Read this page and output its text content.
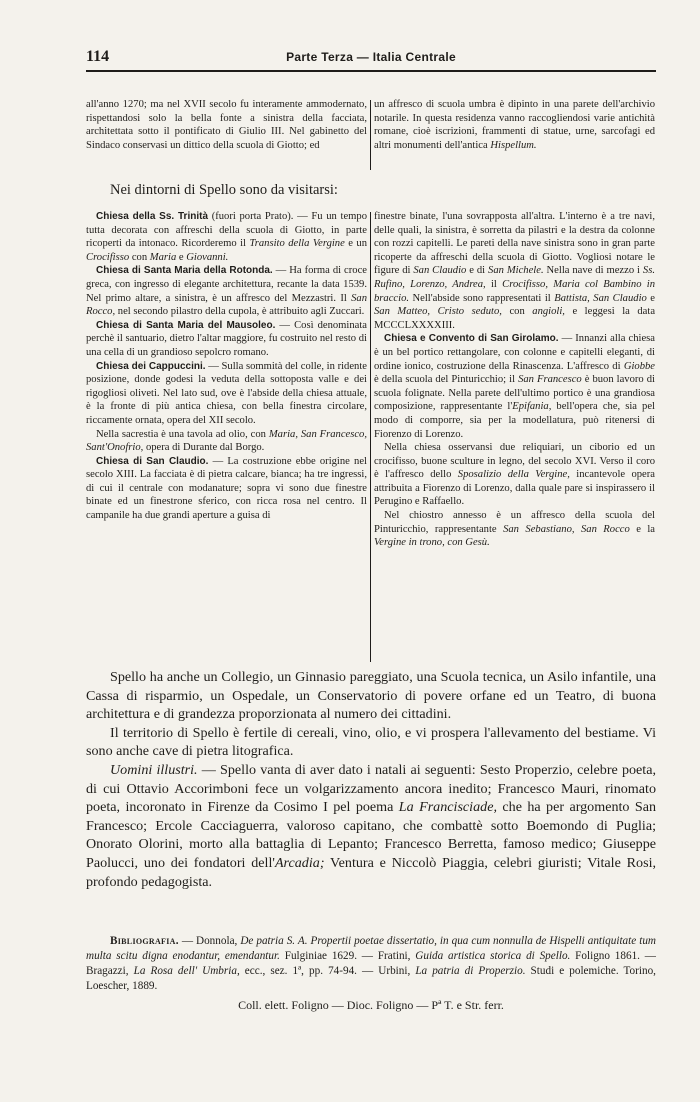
114	Parte Terza — Italia Centrale

all'anno 1270; ma nel XVII secolo fu interamente ammodernato, rispettandosi solo la bella fonte a sinistra della facciata, architettata sotto il pontificato di Giulio III. Nel gabinetto del Sindaco conservasi un dittico della scuola di Giotto; ed

un affresco di scuola umbra è dipinto in una parete dell'archivio notarile. In questa residenza vanno raccogliendosi varie antichità romane, cioè iscrizioni, frammenti di statue, urne, sarcofagi ed altri monumenti dell'antica Hispellum.

Nei dintorni di Spello sono da visitarsi:

Chiesa della Ss. Trinità (fuori porta Prato). — Fu un tempo tutta decorata con affreschi della scuola di Giotto, in parte ricoperti da intonaco. Ricorderemo il Transito della Vergine e un Crocifisso con Maria e Giovanni.

Chiesa di Santa Maria della Rotonda. — Ha forma di croce greca, con ingresso di elegante architettura, recante la data 1539. Nel primo altare, a sinistra, è un affresco del Mezzastri. Il San Rocco, nel secondo pilastro della cupola, è attribuito agli Zuccari.

Chiesa di Santa Maria del Mausoleo. — Così denominata perchè il santuario, dietro l'altar maggiore, fu costruito nel resto di una cella di un grandioso sepolcro romano.

Chiesa dei Cappuccini. — Sulla sommità del colle, in ridente posizione, donde godesi la veduta della sottoposta valle e dei rigogliosi oliveti. Nel lato sud, ove è l'abside della chiesa attuale, è la fronte di più antica chiesa, con bella finestra circolare, riccamente ornata, opera del XII secolo.

Nella sacrestia è una tavola ad olio, con Maria, San Francesco, Sant'Onofrio, opera di Durante dal Borgo.

Chiesa di San Claudio. — La costruzione ebbe origine nel secolo XIII. La facciata è di pietra calcare, bianca; ha tre ingressi, di cui il centrale con modanature; sopra vi sono due finestre binate ed un finestrone sferico, con ricca rosa nel centro. Il campanile ha due grandi aperture a guisa di

finestre binate, l'una sovrapposta all'altra. L'interno è a tre navi, delle quali, la sinistra, è sorretta da pilastri e la destra da colonne con rozzi capitelli. Le pareti della nave sinistra sono in gran parte ricoperte da affreschi della scuola di Giotto. Vogliosi notare le figure di San Claudio e di San Michele. Nella nave di mezzo i Ss. Rufino, Lorenzo, Andrea, il Crocifisso, Maria col Bambino in braccio. Nell'abside sono rappresentati il Battista, San Claudio e San Matteo, Cristo seduto, con angioli, e leggesi la data MCCCLXXXXIII.

Chiesa e Convento di San Girolamo. — Innanzi alla chiesa è un bel portico rettangolare, con colonne e capitelli eleganti, di ordine ionico, costruzione della Rinascenza. L'affresco di Giobbe è della scuola del Pinturicchio; il San Francesco è buon lavoro di scuola folignate. Nella parete dell'ultimo portico è una grandiosa composizione, rappresentante l'Epifania, bell'opera che, sia pel modo di comporre, sia per la modellatura, può ritenersi di Fiorenzo di Lorenzo.

Nella chiesa osservansi due reliquiari, un ciborio ed un crocifisso, buone sculture in legno, del secolo XVI. Verso il coro è l'affresco dello Sposalizio della Vergine, incantevole opera attribuita a Fiorenzo di Lorenzo, dalla quale pare si inspirassero il Perugino e Raffaello.

Nel chiostro annesso è un affresco della scuola del Pinturicchio, rappresentante San Sebastiano, San Rocco e la Vergine in trono, con Gesù.

Spello ha anche un Collegio, un Ginnasio pareggiato, una Scuola tecnica, un Asilo infantile, una Cassa di risparmio, un Ospedale, un Conservatorio di povere orfane ed un Teatro, di buona architettura e di grandezza proporzionata al numero dei cittadini.

Il territorio di Spello è fertile di cereali, vino, olio, e vi prospera l'allevamento del bestiame. Vi sono anche cave di pietra litografica.

Uomini illustri. — Spello vanta di aver dato i natali ai seguenti: Sesto Properzio, celebre poeta, di cui Ottavio Accorimboni fece un volgarizzamento ancora inedito; Francesco Mauri, rinomato poeta, incoronato in Firenze da Cosimo I pel poema La Francisciade, che ha per argomento San Francesco; Ercole Cacciaguerra, valoroso capitano, che combattè sotto Boemondo di Puglia; Onorato Olorini, morto alla battaglia di Lepanto; Francesco Berretta, famoso medico; Giuseppe Paolucci, uno dei fondatori dell'Arcadia; Ventura e Niccolò Piaggia, celebri giuristi; Vitale Rosi, profondo pedagogista.

Bibliografia. — Donnola, De patria S. A. Propertii poetae dissertatio, in qua cum nonnulla de Hispelli antiquitate tum multa scitu digna enodantur, emendantur. Fulginiae 1629. — Fratini, Guida artistica storica di Spello. Foligno 1861. — Bragazzi, La Rosa dell' Umbria, ecc., sez. 1ª, pp. 74-94. — Urbini, La patria di Properzio. Studi e polemiche. Torino, Loescher, 1889.

Coll. elett. Foligno — Dioc. Foligno — Pª T. e Str. ferr.
